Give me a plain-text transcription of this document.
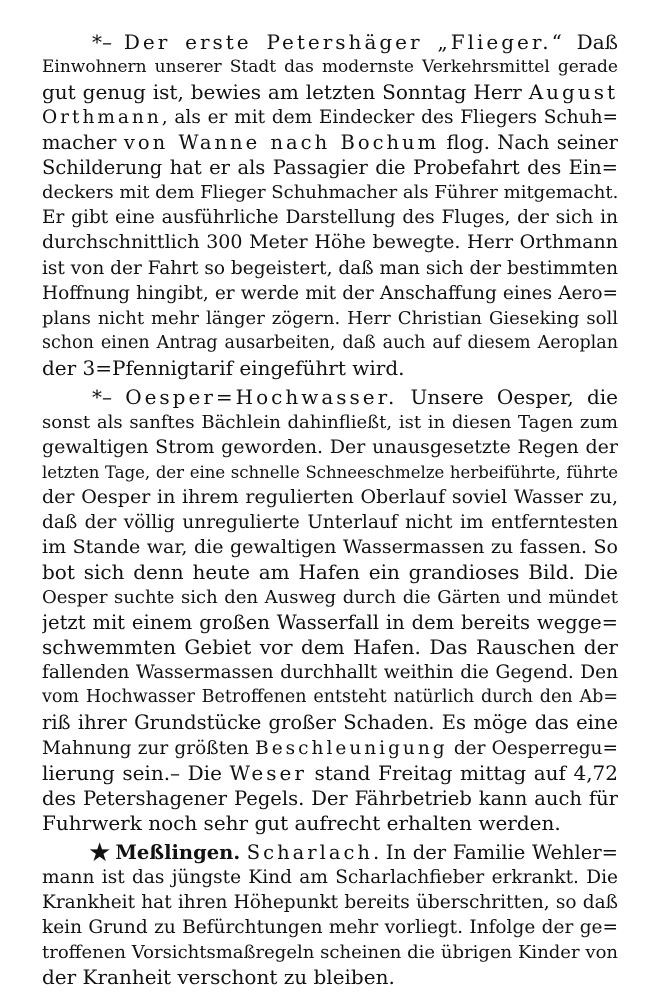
*– Der erste Petershäger „Flieger.“ Daß
Einwohnern unserer Stadt das modernste Verkehrsmittel gerade
gut genug ist, bewies am letzten Sonntag Herr August
Orthmann, als er mit dem Eindecker des Fliegers Schuh=
macher von Wanne nach Bochum flog. Nach seiner
Schilderung hat er als Passagier die Probefahrt des Ein=
deckers mit dem Flieger Schuhmacher als Führer mitgemacht.
Er gibt eine ausführliche Darstellung des Fluges, der sich in
durchschnittlich 300 Meter Höhe bewegte. Herr Orthmann
ist von der Fahrt so begeistert, daß man sich der bestimmten
Hoffnung hingibt, er werde mit der Anschaffung eines Aero=
plans nicht mehr länger zögern. Herr Christian Gieseking soll
schon einen Antrag ausarbeiten, daß auch auf diesem Aeroplan
der 3=Pfennigtarif eingeführt wird.
*– Oesper=Hochwasser. Unsere Oesper, die
sonst als sanftes Bächlein dahinfließt, ist in diesen Tagen zum
gewaltigen Strom geworden. Der unausgesetzte Regen der
letzten Tage, der eine schnelle Schneeschmelze herbeiführte, führte
der Oesper in ihrem regulierten Oberlauf soviel Wasser zu,
daß der völlig unregulierte Unterlauf nicht im entferntesten
im Stande war, die gewaltigen Wassermassen zu fassen. So
bot sich denn heute am Hafen ein grandioses Bild. Die
Oesper suchte sich den Ausweg durch die Gärten und mündet
jetzt mit einem großen Wasserfall in dem bereits wegge=
schwemmten Gebiet vor dem Hafen. Das Rauschen der
fallenden Wassermassen durchhallt weithin die Gegend. Den
vom Hochwasser Betroffenen entsteht natürlich durch den Ab=
riß ihrer Grundstücke großer Schaden. Es möge das eine
Mahnung zur größten Beschleunigung der Oesperregu=
lierung sein.– Die Weser stand Freitag mittag auf 4,72
des Petershagener Pegels. Der Fährbetrieb kann auch für
Fuhrwerk noch sehr gut aufrecht erhalten werden.
★ Meßlingen. Scharlach. In der Familie Wehler=
mann ist das jüngste Kind am Scharlachfieber erkrankt. Die
Krankheit hat ihren Höhepunkt bereits überschritten, so daß
kein Grund zu Befürchtungen mehr vorliegt. Infolge der ge=
troffenen Vorsichtsmaßregeln scheinen die übrigen Kinder von
der Kranheit verschont zu bleiben.
